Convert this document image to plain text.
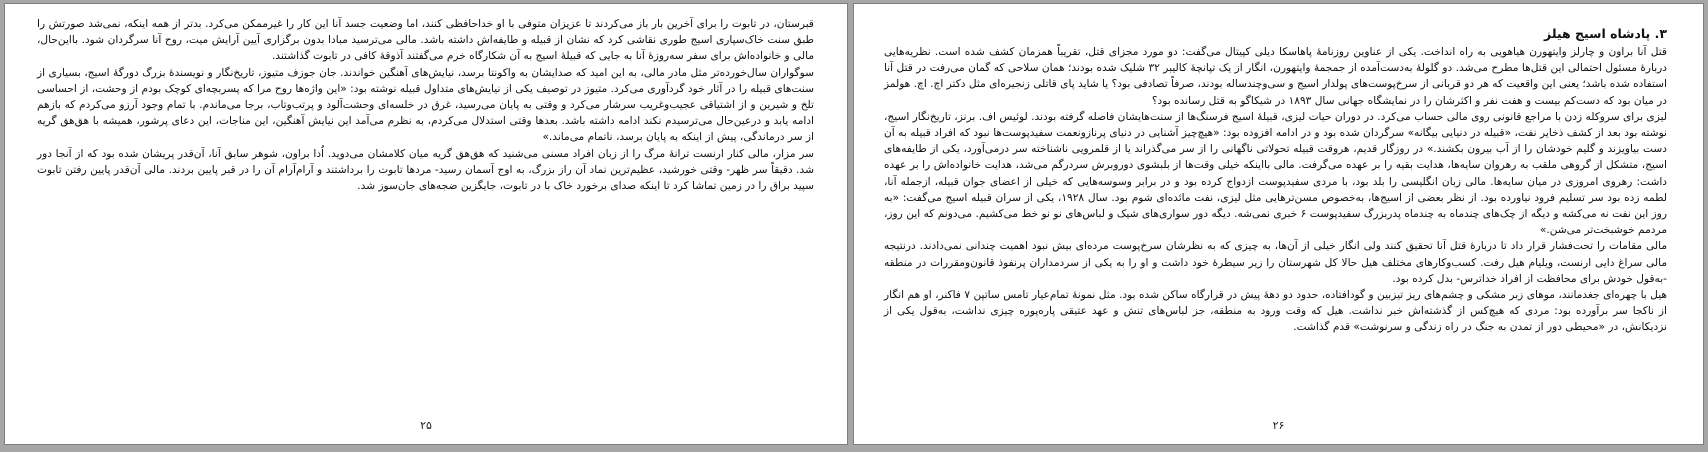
قبرستان، در تابوت را برای آخرین بار باز می‌کردند تا عزیزان متوفی با او خداحافظی کنند، اما وضعیت جسد آنا این کار را غیرممکن می‌کرد. بدتر از همه اینکه، نمی‌شد صورتش را طبق سنت خاک‌سپاری اسیج طوری نقاشی کرد که نشان از قبیله و طایفه‌اش داشته باشد. مالی می‌ترسید مبادا بدون برگزاری آیین آرایش میت، روح آنا سرگردان شود. بااین‌حال، مالی و خانواده‌اش برای سفر سه‌روزهٔ آنا به جایی که قبیلهٔ اسیج به آن شکارگاه خرم می‌گفتند آذوقهٔ کافی در تابوت گذاشتند.

سوگواران سال‌خورده‌تر مثل مادر مالی، به این امید که صدایشان به واکونتا برسد، نیایش‌های آهنگین خواندند. جان جوزف متیوز، تاریخ‌نگار و نویسندهٔ بزرگ دورگهٔ اسیج، بسیاری از سنت‌های قبیله را در آثار خود گردآوری می‌کرد. متیوز در توصیف یکی از نیایش‌های متداول قبیله نوشته بود: «این واژه‌ها روح مرا که پسربچه‌ای کوچک بودم از وحشت، از احساسی تلخ و شیرین و از اشتیاقی عجیب‌وغریب سرشار می‌کرد و وقتی به پایان می‌رسید، غرق در خلسه‌ای وحشت‌آلود و پرتب‌وتاب، برجا می‌ماندم. با تمام وجود آرزو می‌کردم که بازهم ادامه یابد و درعین‌حال می‌ترسیدم نکند ادامه داشته باشد. بعدها وقتی استدلال می‌کردم، به نظرم می‌آمد این نیایش آهنگین، این مناجات، این دعای پرشور، همیشه با هق‌هق گریه از سر درماندگی، پیش از اینکه به پایان برسد، ناتمام می‌ماند.»

سر مزار، مالی کنار ارنست ترانهٔ مرگ را از زبان افراد مسنی می‌شنید که هق‌هق گریه میان کلامشان می‌دوید. اُدا براون، شوهر سابق آنا، آن‌قدر پریشان شده بود که از آنجا دور شد. دقیقاً سر ظهر- وقتی خورشید، عظیم‌ترین نماد آن راز بزرگ، به اوج آسمان رسید- مردها تابوت را برداشتند و آرام‌آرام آن را در قبر پایین بردند. مالی آن‌قدر پایین رفتن تابوت سپید براق را در زمین تماشا کرد تا اینکه صدای برخورد خاک با در تابوت، جایگزین ضجه‌های جان‌سوز شد.

۲۵
۳. پادشاه اسیج هیلز

قتل آنا براون و چارلز وایتهورن هیاهویی به راه انداخت. یکی از عناوین روزنامهٔ پاهاسکا دیلی کپیتال می‌گفت: دو مورد مجزای قتل، تقریباً همزمان کشف شده است. نظریه‌هایی دربارهٔ مسئول احتمالی این قتل‌ها مطرح می‌شد. دو گلولهٔ به‌دست‌آمده از جمجمهٔ وایتهورن، انگار از یک تپانچهٔ کالیبر ۳۲ شلیک شده بودند؛ همان سلاحی که گمان می‌رفت در قتل آنا استفاده شده باشد؛ یعنی این واقعیت که هر دو قربانی از سرخ‌پوست‌های پولدار اسیج و سی‌وچندساله بودند، صرفاً تصادفی بود؟ یا شاید پای قاتلی زنجیره‌ای مثل دکتر اچ. اچ. هولمز در میان بود که دست‌کم بیست و هفت نفر و اکثرشان را در نمایشگاه جهانی سال ۱۸۹۳ در شیکاگو به قتل رسانده بود؟

لیزی برای سروکله زدن با مراجع قانونی روی مالی حساب می‌کرد. در دوران حیات لیزی، قبیلهٔ اسیج فرسنگ‌ها از سنت‌هایشان فاصله گرفته بودند. لوئیس اف. برنز، تاریخ‌نگار اسیج، نوشته بود بعد از کشف ذخایر نفت، «قبیله در دنیایی بیگانه» سرگردان شده بود و در ادامه افزوده بود: «هیچ‌چیز آشنایی در دنیای پرنازونعمت سفیدپوست‌ها نبود که افراد قبیله به آن دست بیاویزند و گلیم خودشان را از آب بیرون بکشند.» در روزگار قدیم، هروقت قبیله تحولاتی ناگهانی را از سر می‌گذراند یا از قلمرویی ناشناخته سر درمی‌آورد، یکی از طایفه‌های اسیج، متشکل از گروهی ملقب به رهروان سایه‌ها، هدایت بقیه را بر عهده می‌گرفت. مالی بااینکه خیلی وقت‌ها از بلبشوی دوروبرش سردرگم می‌شد، هدایت خانواده‌اش را بر عهده داشت: رهروی امروزی در میان سایه‌ها. مالی زبان انگلیسی را بلد بود، با مردی سفیدپوست ازدواج کرده بود و در برابر وسوسه‌هایی که خیلی از اعضای جوان قبیله، ازجمله آنا، لطمه زده بود سر تسلیم فرود نیاورده بود. از نظر بعضی از اسیج‌ها، به‌خصوص مسن‌ترهایی مثل لیزی، نفت مائده‌ای شوم بود. سال ۱۹۲۸، یکی از سران قبیله اسیج می‌گفت: «به روز این نفت نه می‌کشه و دیگه از چک‌های چندماه به چندماه پدربزرگ سفیدپوست ۶ خبری نمی‌شه. دیگه دور سواری‌های شیک و لباس‌های نو نو خط می‌کشیم. می‌دونم که این روز، مردمم خوشبخت‌تر می‌شن.»

مالی مقامات را تحت‌فشار قرار داد تا دربارهٔ قتل آنا تحقیق کنند ولی انگار خیلی از آن‌ها، به چیزی که به نظرشان سرخ‌پوست مرده‌ای بیش نبود اهمیت چندانی نمی‌دادند. درنتیجه مالی سراغ دایی ارنست، ویلیام هیل رفت. کسب‌وکارهای مختلف هیل حالا کل شهرستان را زیر سیطرهٔ خود داشت و او را به یکی از سردمداران پرنفوذ قانون‌ومقررات در منطقه -به‌قول خودش برای محافظت از افراد خداترس- بدل کرده بود.

هیل با چهره‌ای جغدمانند، موهای زبر مشکی و چشم‌های ریز تیزبین و گودافتاده، حدود دو دههٔ پیش در قرارگاه ساکن شده بود. مثل نمونهٔ تمام‌عیار تامس ساتپن ۷ فاکنر، او هم انگار از ناکجا سر برآورده بود: مردی که هیچ‌کس از گذشته‌اش خبر نداشت. هیل که وقت ورود به منطقه، جز لباس‌های تنش و عهد عتیقی پاره‌پوره چیزی نداشت، به‌قول یکی از نزدیکانش، در «محیطی دور از تمدن به جنگ در راه زندگی و سرنوشت» قدم گذاشت.

۲۶
